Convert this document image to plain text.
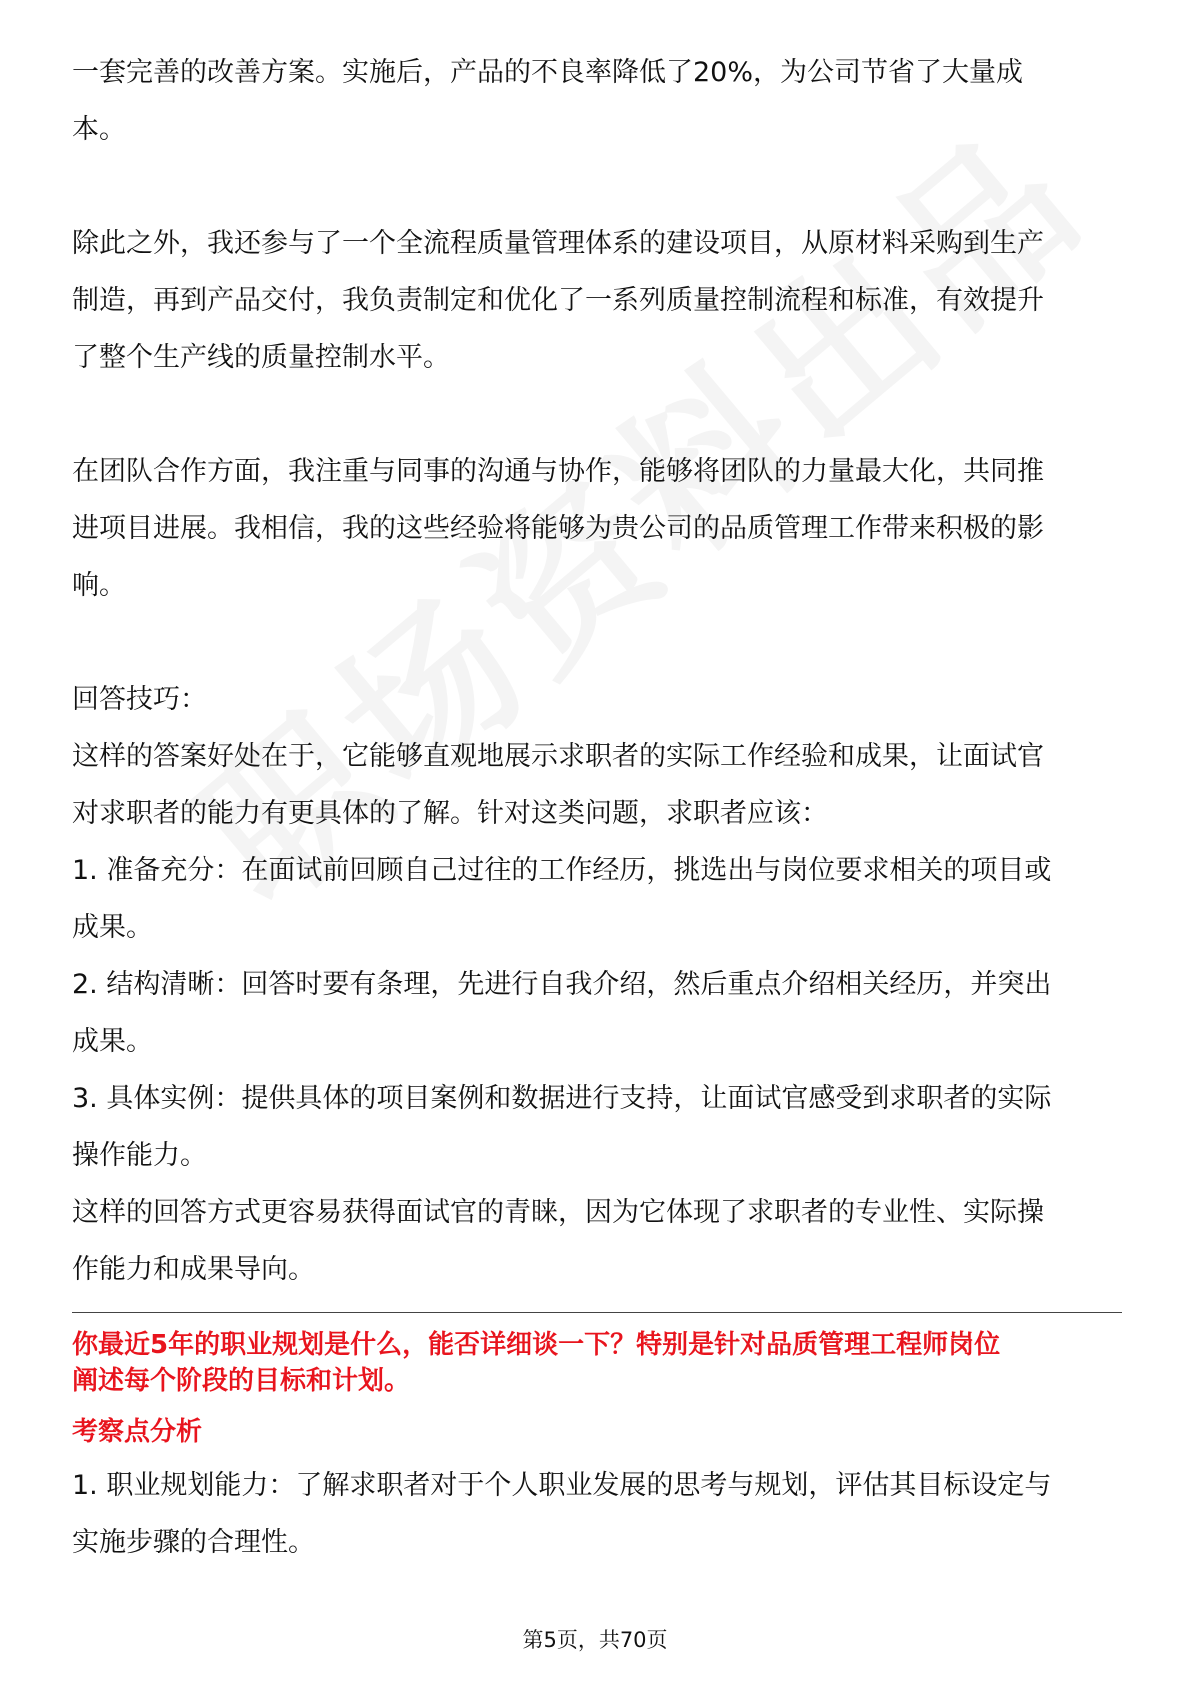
一套完善的改善方案。实施后，产品的不良率降低了20%，为公司节省了大量成

本。

除此之外，我还参与了一个全流程质量管理体系的建设项目，从原材料采购到生产

制造，再到产品交付，我负责制定和优化了一系列质量控制流程和标准，有效提升

了整个生产线的质量控制水平。

在团队合作方面，我注重与同事的沟通与协作，能够将团队的力量最大化，共同推

进项目进展。我相信，我的这些经验将能够为贵公司的品质管理工作带来积极的影

响。

回答技巧：

这样的答案好处在于，它能够直观地展示求职者的实际工作经验和成果，让面试官

对求职者的能力有更具体的了解。针对这类问题，求职者应该：

1. 准备充分：在面试前回顾自己过往的工作经历，挑选出与岗位要求相关的项目或

成果。

2. 结构清晰：回答时要有条理，先进行自我介绍，然后重点介绍相关经历，并突出

成果。

3. 具体实例：提供具体的项目案例和数据进行支持，让面试官感受到求职者的实际

操作能力。

这样的回答方式更容易获得面试官的青睐，因为它体现了求职者的专业性、实际操

作能力和成果导向。

你最近5年的职业规划是什么，能否详细谈一下？特别是针对品质管理工程师岗位
阐述每个阶段的目标和计划。

考察点分析

1. 职业规划能力：了解求职者对于个人职业发展的思考与规划，评估其目标设定与

实施步骤的合理性。

第5页，共70页
